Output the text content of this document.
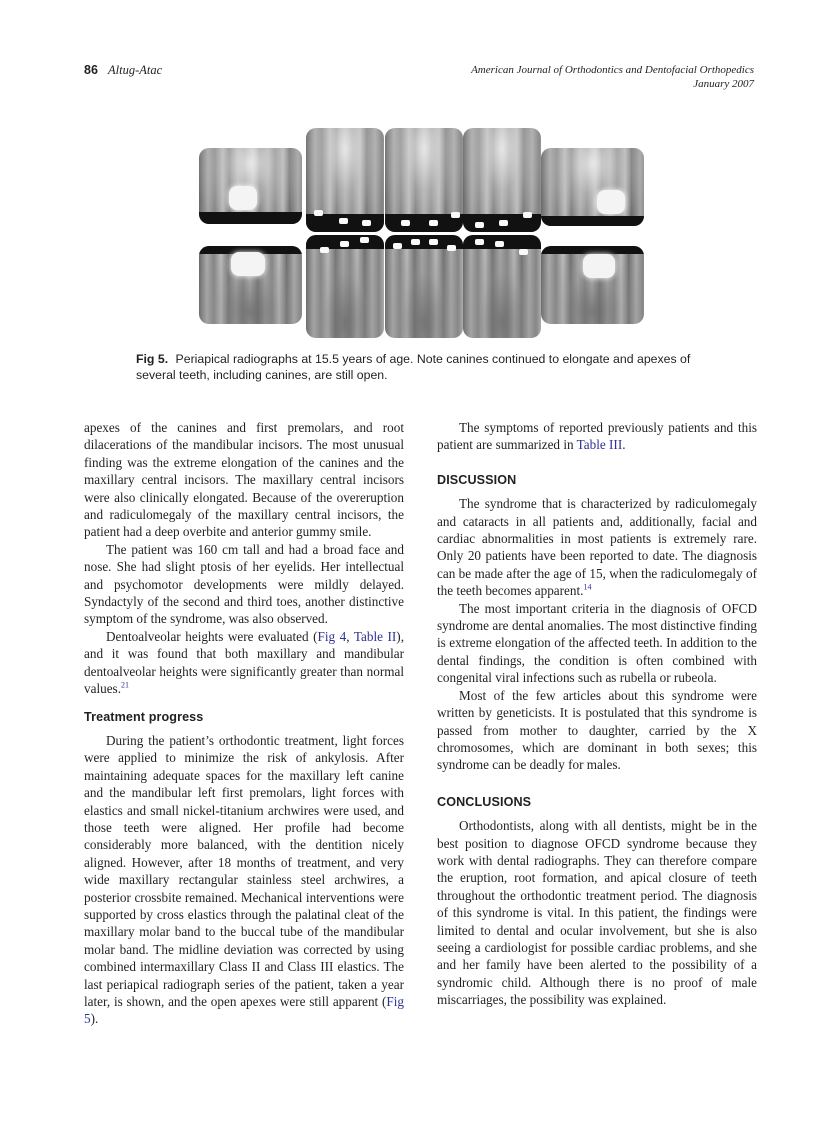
86 Altug-Atac	American Journal of Orthodontics and Dentofacial Orthopedics
January 2007
Fig 5. Periapical radiographs at 15.5 years of age. Note canines continued to elongate and apexes of several teeth, including canines, are still open.

apexes of the canines and first premolars, and root dilacerations of the mandibular incisors. The most unusual finding was the extreme elongation of the canines and the maxillary central incisors. The maxillary central incisors were also clinically elongated. Because of the overeruption and radiculomegaly of the maxillary central incisors, the patient had a deep overbite and anterior gummy smile.

The patient was 160 cm tall and had a broad face and nose. She had slight ptosis of her eyelids. Her intellectual and psychomotor developments were mildly delayed. Syndactyly of the second and third toes, another distinctive symptom of the syndrome, was also observed.

Dentoalveolar heights were evaluated (Fig 4, Table II), and it was found that both maxillary and mandibular dentoalveolar heights were significantly greater than normal values.$^{21}$

Treatment progress

During the patient’s orthodontic treatment, light forces were applied to minimize the risk of ankylosis. After maintaining adequate spaces for the maxillary left canine and the mandibular left first premolars, light forces with elastics and small nickel-titanium archwires were used, and those teeth were aligned. Her profile had become considerably more balanced, with the dentition nicely aligned. However, after 18 months of treatment, and very wide maxillary rectangular stainless steel archwires, a posterior crossbite remained. Mechanical interventions were supported by cross elastics through the palatinal cleat of the maxillary molar band to the buccal tube of the mandibular molar band. The midline deviation was corrected by using combined intermaxillary Class II and Class III elastics. The last periapical radiograph series of the patient, taken a year later, is shown, and the open apexes were still apparent (Fig 5).

The symptoms of reported previously patients and this patient are summarized in Table III.

DISCUSSION

The syndrome that is characterized by radiculomegaly and cataracts in all patients and, additionally, facial and cardiac abnormalities in most patients is extremely rare. Only 20 patients have been reported to date. The diagnosis can be made after the age of 15, when the radiculomegaly of the teeth becomes apparent.$^{14}$

The most important criteria in the diagnosis of OFCD syndrome are dental anomalies. The most distinctive finding is extreme elongation of the affected teeth. In addition to the dental findings, the condition is often combined with congenital viral infections such as rubella or rubeola.

Most of the few articles about this syndrome were written by geneticists. It is postulated that this syndrome is passed from mother to daughter, carried by the X chromosomes, which are dominant in both sexes; this syndrome can be deadly for males.

CONCLUSIONS

Orthodontists, along with all dentists, might be in the best position to diagnose OFCD syndrome because they work with dental radiographs. They can therefore compare the eruption, root formation, and apical closure of teeth throughout the orthodontic treatment period. The diagnosis of this syndrome is vital. In this patient, the findings were limited to dental and ocular involvement, but she is also seeing a cardiologist for possible cardiac problems, and she and her family have been alerted to the possibility of a syndromic child. Although there is no proof of male miscarriages, the possibility was explained.
